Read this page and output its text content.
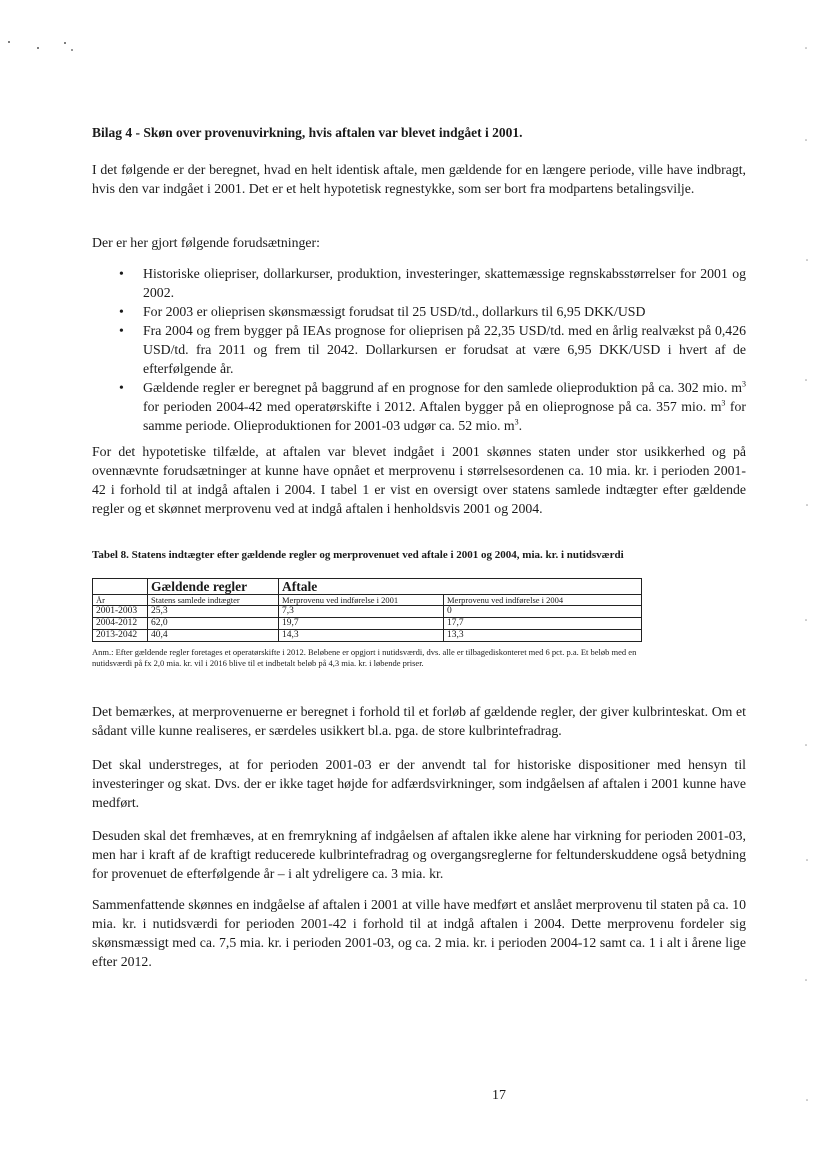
Bilag 4 - Skøn over provenuvirkning, hvis aftalen var blevet indgået i 2001.

I det følgende er der beregnet, hvad en helt identisk aftale, men gældende for en længere periode, ville have indbragt, hvis den var indgået i 2001. Det er et helt hypotetisk regnestykke, som ser bort fra modpartens betalingsvilje.

Der er her gjort følgende forudsætninger:

• Historiske oliepriser, dollarkurser, produktion, investeringer, skattemæssige regnskabsstørrelser for 2001 og 2002.
• For 2003 er olieprisen skønsmæssigt forudsat til 25 USD/td., dollarkurs til 6,95 DKK/USD
• Fra 2004 og frem bygger på IEAs prognose for olieprisen på 22,35 USD/td. med en årlig realvækst på 0,426 USD/td. fra 2011 og frem til 2042. Dollarkursen er forudsat at være 6,95 DKK/USD i hvert af de efterfølgende år.
• Gældende regler er beregnet på baggrund af en prognose for den samlede olieproduktion på ca. 302 mio. $m^3$ for perioden 2004-42 med operatørskifte i 2012. Aftalen bygger på en olieprognose på ca. 357 mio. $m^3$ for samme periode. Olieproduktionen for 2001-03 udgør ca. 52 mio. $m^3$.

For det hypotetiske tilfælde, at aftalen var blevet indgået i 2001 skønnes staten under stor usikkerhed og på ovennævnte forudsætninger at kunne have opnået et merprovenu i størrelsesordenen ca. 10 mia. kr. i perioden 2001-42 i forhold til at indgå aftalen i 2004. I tabel 1 er vist en oversigt over statens samlede indtægter efter gældende regler og et skønnet merprovenu ved at indgå aftalen i henholdsvis 2001 og 2004.

Tabel 8. Statens indtægter efter gældende regler og merprovenuet ved aftale i 2001 og 2004, mia. kr. i nutidsværdi
	Gældende regler	Aftale	
År	Statens samlede indtægter	Merprovenu ved indførelse i 2001	Merprovenu ved indførelse i 2004
2001-2003	25,3	7,3	0
2004-2012	62,0	19,7	17,7
2013-2042	40,4	14,3	13,3

Anm.: Efter gældende regler foretages et operatørskifte i 2012. Beløbene er opgjort i nutidsværdi, dvs. alle er tilbagediskonteret med 6 pct. p.a. Et beløb med en nutidsværdi på fx 2,0 mia. kr. vil i 2016 blive til et indbetalt beløb på 4,3 mia. kr. i løbende priser.

Det bemærkes, at merprovenuerne er beregnet i forhold til et forløb af gældende regler, der giver kulbrinteskat. Om et sådant ville kunne realiseres, er særdeles usikkert bl.a. pga. de store kulbrintefradrag.

Det skal understreges, at for perioden 2001-03 er der anvendt tal for historiske dispositioner med hensyn til investeringer og skat. Dvs. der er ikke taget højde for adfærdsvirkninger, som indgåelsen af aftalen i 2001 kunne have medført.

Desuden skal det fremhæves, at en fremrykning af indgåelsen af aftalen ikke alene har virkning for perioden 2001-03, men har i kraft af de kraftigt reducerede kulbrintefradrag og overgangsreglerne for feltunderskuddene også betydning for provenuet de efterfølgende år – i alt ydreligere ca. 3 mia. kr.

Sammenfattende skønnes en indgåelse af aftalen i 2001 at ville have medført et anslået merprovenu til staten på ca. 10 mia. kr. i nutidsværdi for perioden 2001-42 i forhold til at indgå aftalen i 2004. Dette merprovenu fordeler sig skønsmæssigt med ca. 7,5 mia. kr. i perioden 2001-03, og ca. 2 mia. kr. i perioden 2004-12 samt ca. 1 i alt i årene lige efter 2012.

17
